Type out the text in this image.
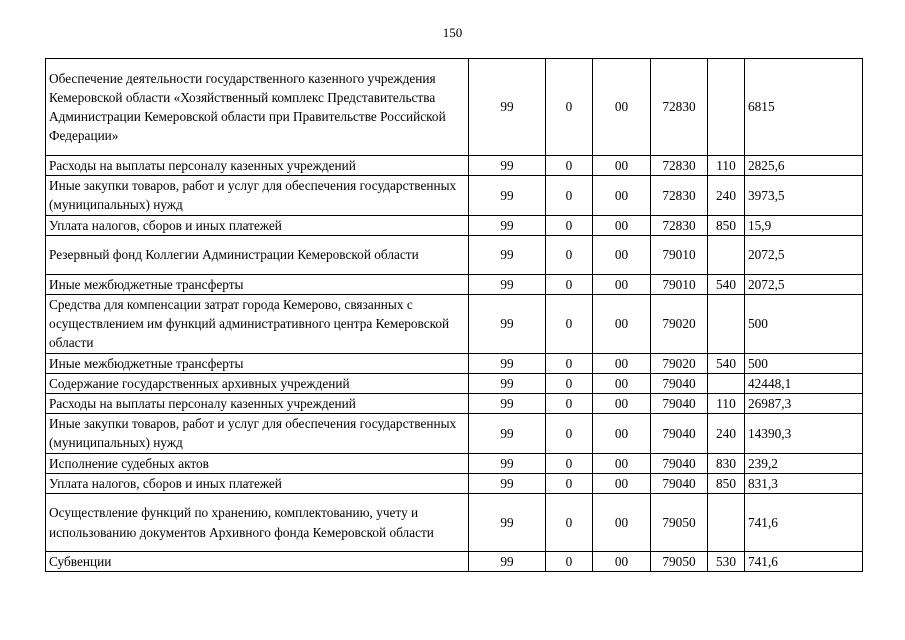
150
Обеспечение деятельности государственного казенного учреждения Кемеровской области «Хозяйственный комплекс Представительства Администрации Кемеровской области при Правительстве Российской Федерации»	99	0	00	72830		6815
Расходы на выплаты персоналу казенных учреждений	99	0	00	72830	110	2825,6
Иные закупки товаров, работ и услуг для обеспечения государственных (муниципальных) нужд	99	0	00	72830	240	3973,5
Уплата налогов, сборов и иных платежей	99	0	00	72830	850	15,9
Резервный фонд Коллегии Администрации Кемеровской области	99	0	00	79010		2072,5
Иные межбюджетные трансферты	99	0	00	79010	540	2072,5
Средства для компенсации затрат города Кемерово, связанных с осуществлением им функций административного центра Кемеровской области	99	0	00	79020		500
Иные межбюджетные трансферты	99	0	00	79020	540	500
Содержание государственных архивных учреждений	99	0	00	79040		42448,1
Расходы на выплаты персоналу казенных учреждений	99	0	00	79040	110	26987,3
Иные закупки товаров, работ и услуг для обеспечения государственных (муниципальных) нужд	99	0	00	79040	240	14390,3
Исполнение судебных актов	99	0	00	79040	830	239,2
Уплата налогов, сборов и иных платежей	99	0	00	79040	850	831,3
Осуществление функций по хранению, комплектованию, учету и использованию документов Архивного фонда Кемеровской области	99	0	00	79050		741,6
Субвенции	99	0	00	79050	530	741,6
